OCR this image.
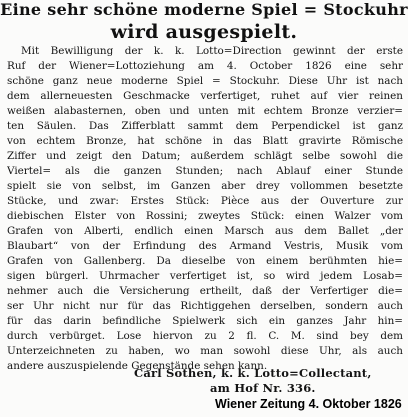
Eine sehr schöne moderne Spiel = Stockuhr
wird ausgespielt.
Mit Bewilligung der k. k. Lotto=Direction gewinnt der erste
Ruf der Wiener=Lottoziehung am 4. October 1826 eine sehr
schöne ganz neue moderne Spiel = Stockuhr. Diese Uhr ist nach
dem allerneuesten Geschmacke verfertiget, ruhet auf vier reinen
weißen alabasternen, oben und unten mit echtem Bronze verzier=
ten Säulen. Das Zifferblatt sammt dem Perpendickel ist ganz
von echtem Bronze, hat schöne in das Blatt gravirte Römische
Ziffer und zeigt den Datum; außerdem schlägt selbe sowohl die
Viertel= als die ganzen Stunden; nach Ablauf einer Stunde
spielt sie von selbst, im Ganzen aber drey vollommen besetzte
Stücke, und zwar: Erstes Stück: Pièce aus der Ouverture zur
diebischen Elster von Rossini; zweytes Stück: einen Walzer vom
Grafen von Alberti, endlich einen Marsch aus dem Ballet „der
Blaubart“ von der Erfindung des Armand Vestris, Musik vom
Grafen von Gallenberg. Da dieselbe von einem berühmten hie=
sigen bürgerl. Uhrmacher verfertiget ist, so wird jedem Losab=
nehmer auch die Versicherung ertheilt, daß der Verfertiger die=
ser Uhr nicht nur für das Richtiggehen derselben, sondern auch
für das darin befindliche Spielwerk sich ein ganzes Jahr hin=
durch verbürget. Lose hiervon zu 2 fl. C. M. sind bey dem
Unterzeichneten zu haben, wo man sowohl diese Uhr, als auch
andere auszuspielende Gegenstände sehen kann.
Carl Sothen, k. k. Lotto=Collectant,
am Hof Nr. 336.
Wiener Zeitung 4. Oktober 1826
